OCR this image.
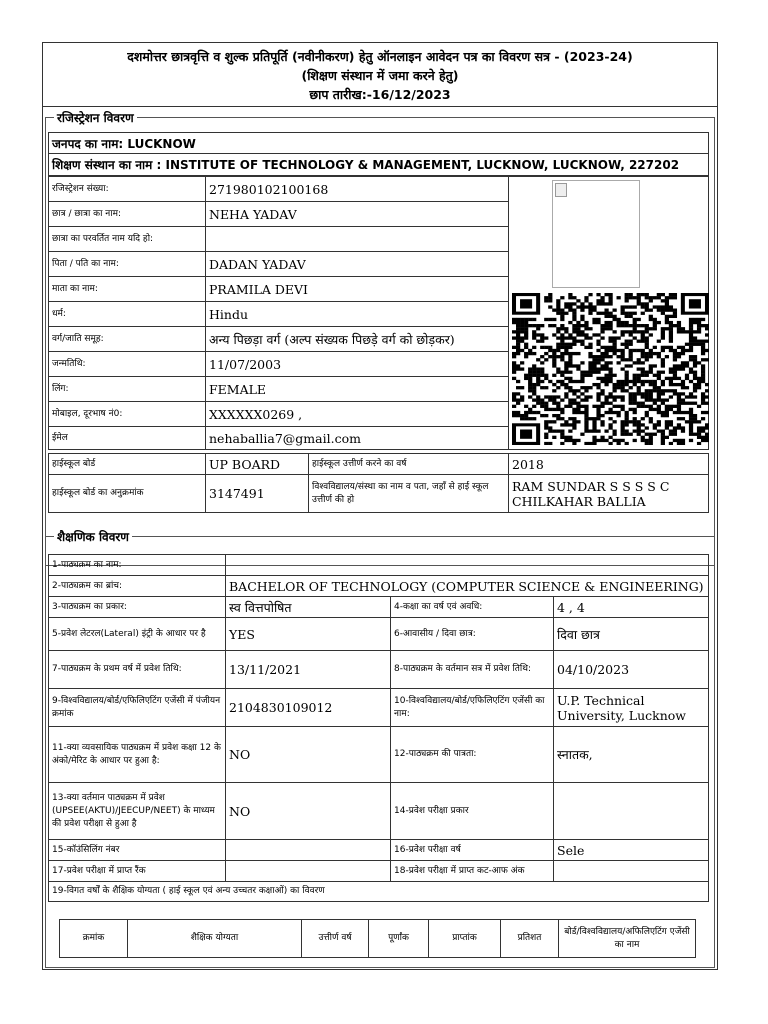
दशमोत्तर छात्रवृत्ति व शुल्क प्रतिपूर्ति (नवीनीकरण) हेतु ऑनलाइन आवेदन पत्र का विवरण सत्र - (2023-24)
(शिक्षण संस्थान में जमा करने हेतु)
छाप तारीख:-16/12/2023
रजिस्ट्रेशन विवरण
जनपद का नाम: LUCKNOW
शिक्षण संस्थान का नाम : INSTITUTE OF TECHNOLOGY & MANAGEMENT, LUCKNOW, LUCKNOW, 227202
रजिस्ट्रेशन संख्या:	271980102100168	
छात्र / छात्रा का नाम:	NEHA YADAV	
छात्रा का परवर्तित नाम यदि हो:		
पिता / पति का नाम:	DADAN YADAV	
माता का नाम:	PRAMILA DEVI	
धर्म:	Hindu	
वर्ग/जाति समूह:	अन्य पिछड़ा वर्ग (अल्प संख्यक पिछड़े वर्ग को छोड़कर)	
जन्मतिथि:	11/07/2003	
लिंग:	FEMALE	
मोबाइल, दूरभाष नं0:	XXXXXX0269 ,	
ईमेल	nehaballia7@gmail.com	
हाईस्कूल बोर्ड	UP BOARD	हाईस्कूल उत्तीर्ण करने का वर्ष	2018
हाईस्कूल बोर्ड का अनुक्रमांक	3147491	विश्वविद्यालय/संस्था का नाम व पता, जहाँ से हाई स्कूल उत्तीर्ण की हो	RAM SUNDAR S S S S C CHILKAHAR BALLIA
शैक्षणिक विवरण
1-पाठ्यक्रम का नाम:			
2-पाठ्यक्रम का ब्रांच:	BACHELOR OF TECHNOLOGY (COMPUTER SCIENCE & ENGINEERING)		
3-पाठ्यक्रम का प्रकार:	स्व वित्तपोषित	4-कक्षा का वर्ष एवं अवधि:	4 , 4
5-प्रवेश लेटरल(Lateral) इंट्री के आधार पर है	YES	6-आवासीय / दिवा छात्र:	दिवा छात्र
7-पाठ्यक्रम के प्रथम वर्ष में प्रवेश तिथि:	13/11/2021	8-पाठ्यक्रम के वर्तमान सत्र में प्रवेश तिथि:	04/10/2023
9-विश्वविद्यालय/बोर्ड/एफिलिएटिंग एजेंसी में पंजीयन क्रमांक	2104830109012	10-विश्वविद्यालय/बोर्ड/एफिलिएटिंग एजेंसी का नाम:	U.P. Technical University, Lucknow
11-क्या व्यवसायिक पाठ्यक्रम में प्रवेश कक्षा 12 के अंको/मेरिट के आधार पर हुआ है:	NO	12-पाठ्यक्रम की पात्रता:	स्नातक,
13-क्या वर्तमान पाठ्यक्रम में प्रवेश (UPSEE(AKTU)/JEECUP/NEET) के माध्यम की प्रवेश परीक्षा से हुआ है	NO	14-प्रवेश परीक्षा प्रकार	
15-कॉउंसिलिंग नंबर		16-प्रवेश परीक्षा वर्ष	Sele
17-प्रवेश परीक्षा में प्राप्त रैंक		18-प्रवेश परीक्षा में प्राप्त कट-आफ अंक	
19-विगत वर्षों के शैक्षिक योग्यता ( हाई स्कूल एवं अन्य उच्चतर कक्षाओं) का विवरण			
क्रमांक	शैक्षिक योग्यता	उत्तीर्ण वर्ष	पूर्णांक	प्राप्तांक	प्रतिशत	बोर्ड/विश्वविद्यालय/अफिलिएटिंग एजेंसी का नाम
